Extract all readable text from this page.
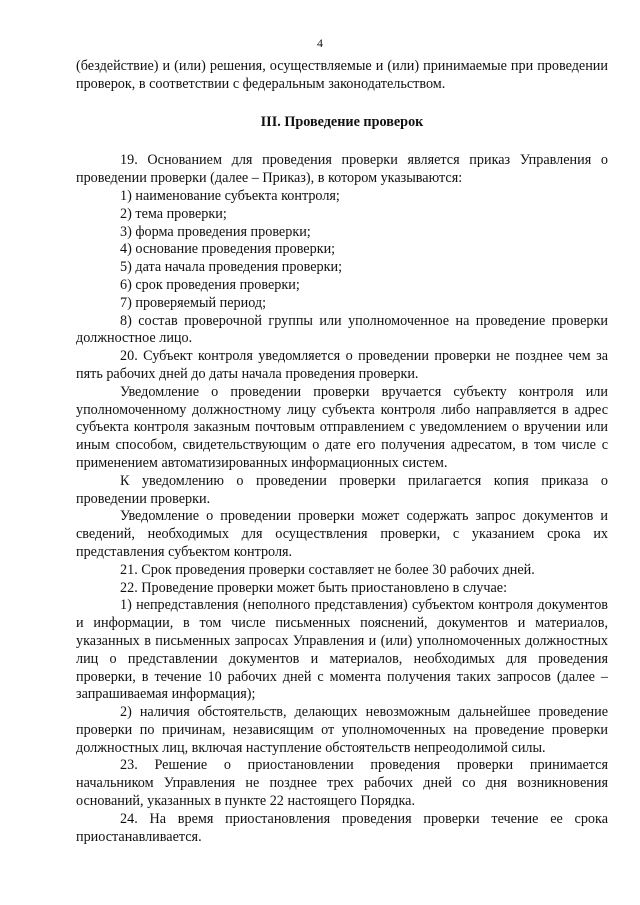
4

(бездействие) и (или) решения, осуществляемые и (или) принимаемые при проведении проверок, в соответствии с федеральным законодательством.

III. Проведение проверок

19. Основанием для проведения проверки является приказ Управления о проведении проверки (далее – Приказ), в котором указываются:

1) наименование субъекта контроля;

2) тема проверки;

3) форма проведения проверки;

4) основание проведения проверки;

5) дата начала проведения проверки;

6) срок проведения проверки;

7) проверяемый период;

8) состав проверочной группы или уполномоченное на проведение проверки должностное лицо.

20. Субъект контроля уведомляется о проведении проверки не позднее чем за пять рабочих дней до даты начала проведения проверки.

Уведомление о проведении проверки вручается субъекту контроля или уполномоченному должностному лицу субъекта контроля либо направляется в адрес субъекта контроля заказным почтовым отправлением с уведомлением о вручении или иным способом, свидетельствующим о дате его получения адресатом, в том числе с применением автоматизированных информационных систем.

К уведомлению о проведении проверки прилагается копия приказа о проведении проверки.

Уведомление о проведении проверки может содержать запрос документов и сведений, необходимых для осуществления проверки, с указанием срока их представления субъектом контроля.

21. Срок проведения проверки составляет не более 30 рабочих дней.

22. Проведение проверки может быть приостановлено в случае:

1) непредставления (неполного представления) субъектом контроля документов и информации, в том числе письменных пояснений, документов и материалов, указанных в письменных запросах Управления и (или) уполномоченных должностных лиц о представлении документов и материалов, необходимых для проведения проверки, в течение 10 рабочих дней с момента получения таких запросов (далее – запрашиваемая информация);

2) наличия обстоятельств, делающих невозможным дальнейшее проведение проверки по причинам, независящим от уполномоченных на проведение проверки должностных лиц, включая наступление обстоятельств непреодолимой силы.

23. Решение о приостановлении проведения проверки принимается начальником Управления не позднее трех рабочих дней со дня возникновения оснований, указанных в пункте 22 настоящего Порядка.

24. На время приостановления проведения проверки течение ее срока приостанавливается.
